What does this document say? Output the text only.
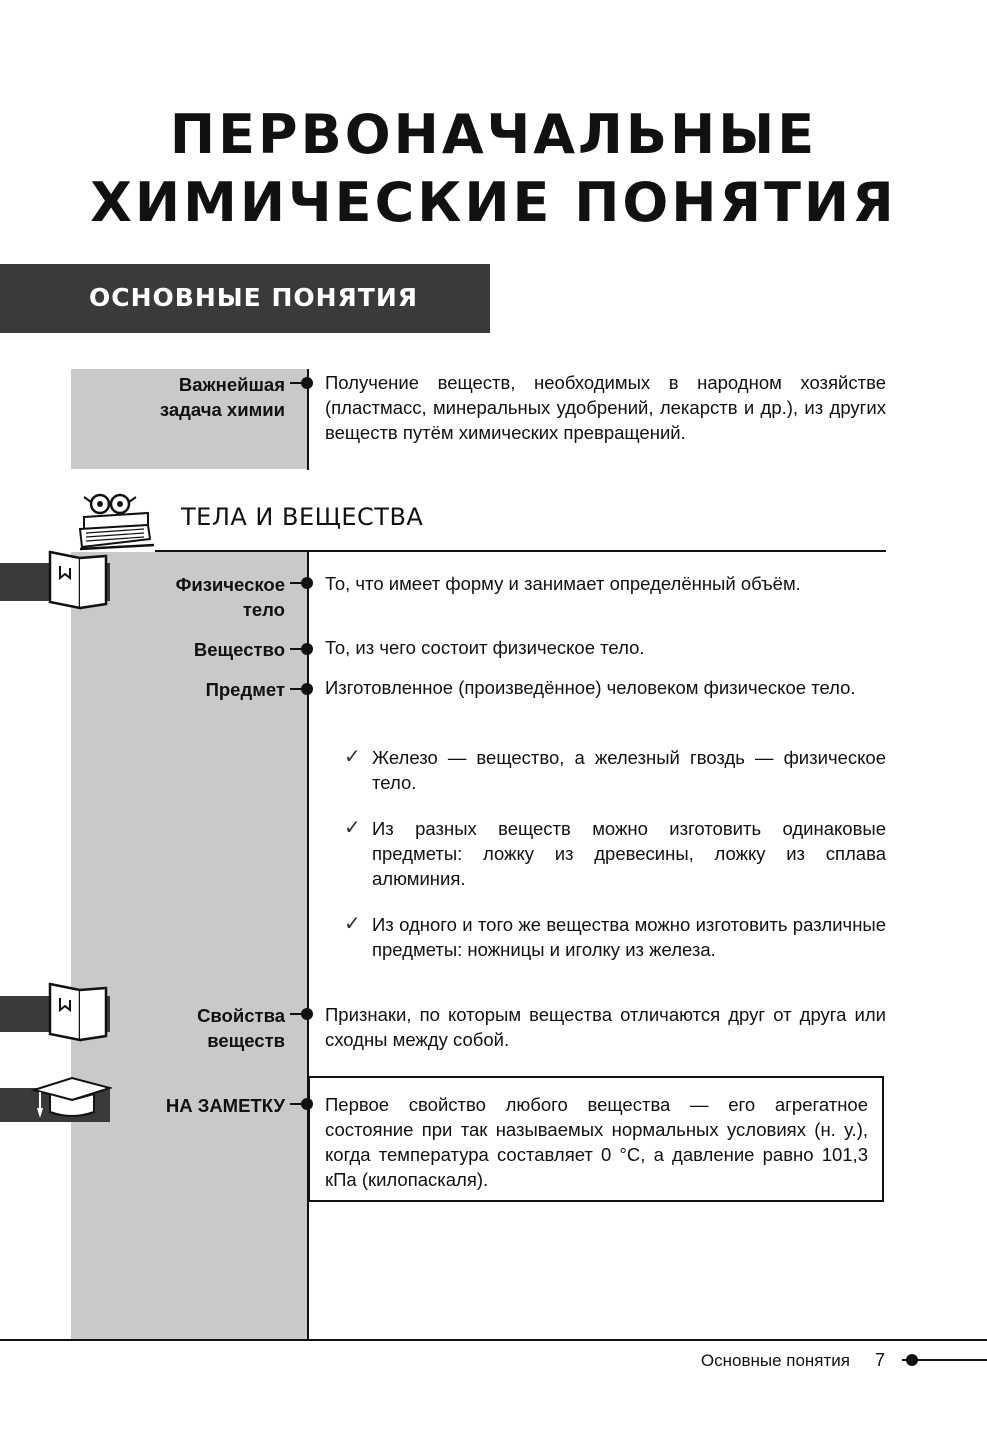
ПЕРВОНАЧАЛЬНЫЕ
ХИМИЧЕСКИЕ ПОНЯТИЯ
ОСНОВНЫЕ ПОНЯТИЯ
Важнейшая
задача химии
Получение веществ, необходимых в народном хозяйстве (пластмасс, минеральных удобрений, лекарств и др.), из других веществ путём химических превращений.
ТЕЛА И ВЕЩЕСТВА
Физическое
тело
То, что имеет форму и занимает определённый объём.
Вещество То, из чего состоит физическое тело.
Предмет Изготовленное (произведённое) человеком физическое тело.
✓ Железо — вещество, а железный гвоздь — физическое тело.
✓ Из разных веществ можно изготовить одинаковые предметы: ложку из древесины, ложку из сплава алюминия.
✓ Из одного и того же вещества можно изготовить различные предметы: ножницы и иголку из железа.
Свойства
веществ
Признаки, по которым вещества отличаются друг от друга или сходны между собой.
НА ЗАМЕТКУ Первое свойство любого вещества — его агрегатное состояние при так называемых нормальных условиях (н. у.), когда температура составляет 0 °С, а давление равно 101,3 кПа (килопаскаля).
Основные понятия 7
